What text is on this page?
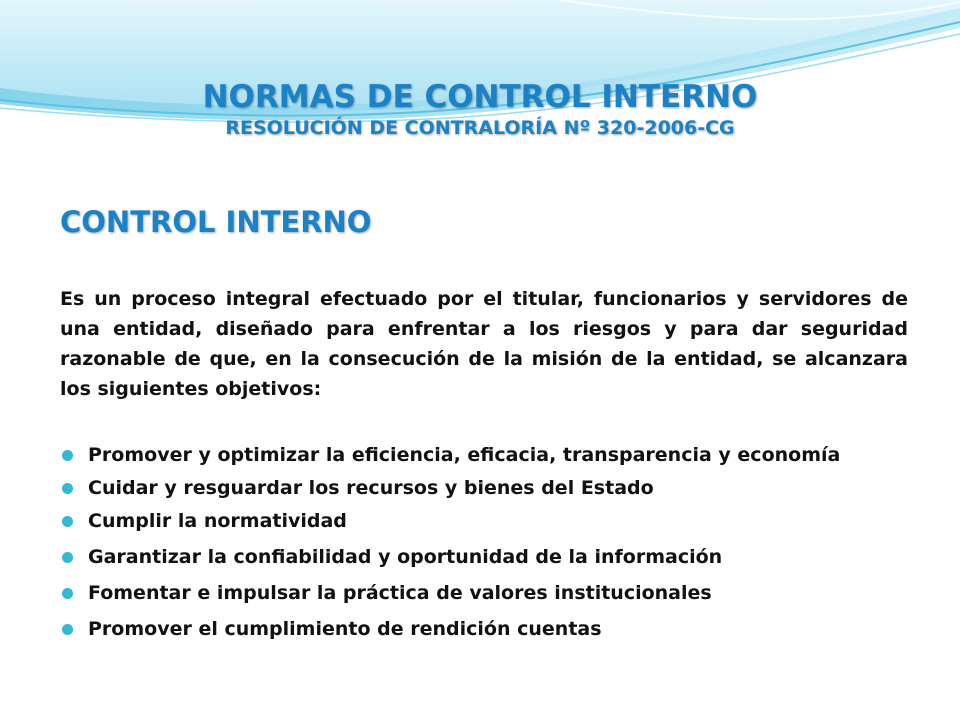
NORMAS DE CONTROL INTERNO
RESOLUCIÓN DE CONTRALORÍA Nº 320-2006-CG
CONTROL INTERNO
Es un proceso integral efectuado por el titular, funcionarios y servidores de una entidad, diseñado para enfrentar a los riesgos y para dar seguridad razonable de que, en la consecución de la misión de la entidad, se alcanzara los siguientes objetivos:
Promover y optimizar la eficiencia, eficacia, transparencia y economía
Cuidar y resguardar los recursos y bienes del Estado
Cumplir la normatividad
Garantizar la confiabilidad y oportunidad de la información
Fomentar e impulsar la práctica de valores institucionales
Promover el cumplimiento de rendición cuentas
